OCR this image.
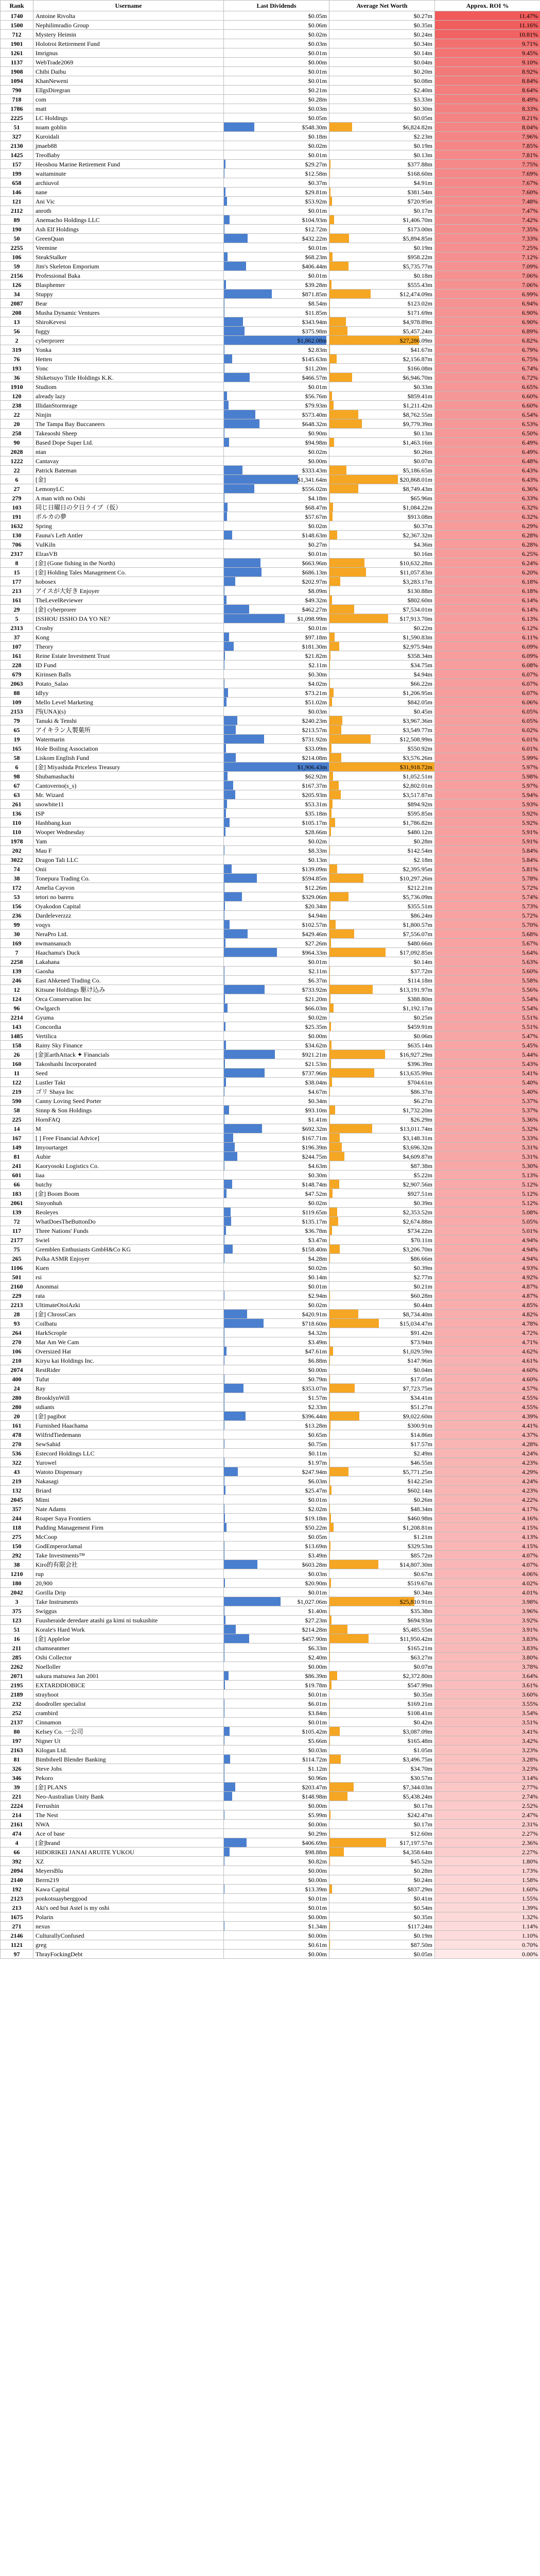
Rank	Username	Last Dividends	Average Net Worth	Approx. ROI %
1740	Antoine Rivolta	$0.05m	$0.27m	11.47%
1500	Nephilimradio Group	$0.06m	$0.35m	11.16%
712	Mystery Heimin	$0.02m	$0.24m	10.81%
1901	Holotroi Retirement Fund	$0.03m	$0.34m	9.71%
1261	Imrignus	$0.01m	$0.14m	9.45%
1137	WebTrade2069	$0.00m	$0.04m	9.10%
1908	Chibi Daibu	$0.01m	$0.20m	8.92%
1094	KhanNeweni	$0.01m	$0.08m	8.84%
790	EllgsDiregran	$0.21m	$2.40m	8.64%
718	com	$0.28m	$3.33m	8.49%
1786	matt	$0.03m	$0.30m	8.33%
2225	LC Holdings	$0.05m	$0.05m	8.21%
51	noam goblin	$548.30m	$6,824.82m	8.04%
327	Kuroidali	$0.18m	$2.23m	7.96%
2130	jmaeb88	$0.02m	$0.19m	7.85%
1425	TreoBaby	$0.01m	$0.13m	7.81%
157	Heoshou Marine Retirement Fund	$29.27m	$377.88m	7.75%
199	waitaminute	$12.58m	$168.60m	7.69%
658	archiuvol	$0.37m	$4.91m	7.67%
146	nane	$29.81m	$381.54m	7.60%
121	Ani Vic	$53.92m	$720.95m	7.48%
2112	anroth	$0.01m	$0.17m	7.47%
89	Anemacho Holdings LLC	$104.93m	$1,406.70m	7.42%
190	Ash Elf Holdings	$12.72m	$173.00m	7.35%
50	GreenQuan	$432.22m	$5,894.85m	7.33%
2255	Veemine	$0.01m	$0.19m	7.25%
106	SteakStalker	$68.23m	$958.22m	7.12%
59	Jim's Skeleton Emporium	$406.44m	$5,735.77m	7.09%
2156	Professional Baka	$0.01m	$0.18m	7.06%
126	Blasphemer	$39.28m	$555.43m	7.06%
34	Stuppy	$871.85m	$12,474.09m	6.99%
2087	Bear	$8.54m	$123.02m	6.94%
208	Musha Dynamic Ventures	$11.85m	$171.69m	6.90%
13	ShiroKevesi	$343.94m	$4,978.89m	6.90%
56	fuggy	$375.98m	$5,457.24m	6.89%
2	cyberprorer	$1,862.08m	$27,286.09m	6.82%
319	Yonka	$2.83m	$41.67m	6.79%
76	Hetten	$145.63m	$2,156.87m	6.75%
193	Yonc	$11.20m	$166.08m	6.74%
36	Shiketsuyo Title Holdings K.K.	$466.57m	$6,946.70m	6.72%
1910	Studiom	$0.01m	$0.33m	6.65%
120	already lazy	$56.76m	$859.41m	6.60%
238	IllidanStormrage	$79.93m	$1,211.42m	6.60%
22	Ninjin	$573.40m	$8,762.55m	6.54%
20	The Tampa Bay Buccaneers	$648.32m	$9,779.39m	6.53%
258	Takeaoshi Sheep	$0.90m	$0.13m	6.50%
90	Based Dope Super Ltd.	$94.98m	$1,463.16m	6.49%
2028	ntan	$0.02m	$0.26m	6.49%
1222	Cantavay	$0.00m	$0.07m	6.48%
22	Patrick Bateman	$333.43m	$5,186.65m	6.43%
6	[金]	$1,341.64m	$20,868.01m	6.43%
27	LemonyLC	$556.02m	$8,749.43m	6.36%
279	A man with no Oshi	$4.18m	$65.96m	6.33%
103	同じ日曜日の夕日ライブ（仮）	$68.47m	$1,084.22m	6.32%
191	ポルカの夢	$57.67m	$913.08m	6.32%
1632	Spring	$0.02m	$0.37m	6.29%
130	Fauna's Left Antler	$148.63m	$2,367.32m	6.28%
706	VulKiln	$0.27m	$4.36m	6.28%
2317	ElzasVB	$0.01m	$0.16m	6.25%
8	[金] (Gone fishing in the North)	$663.96m	$10,632.28m	6.24%
15	[金] Holding Tales Management Co.	$686.13m	$11,057.83m	6.20%
177	hobosex	$202.97m	$3,283.17m	6.18%
213	アイスが大好き Enjoyer	$8.09m	$130.88m	6.18%
161	TheLevelReviewer	$49.32m	$802.60m	6.14%
29	[金] cyberprorer	$462.27m	$7,534.01m	6.14%
5	ISSHOU ISSHO DA YO NE?	$1,098.99m	$17,913.70m	6.13%
2313	Crosby	$0.01m	$0.22m	6.12%
37	Kong	$97.18m	$1,590.83m	6.11%
107	Theory	$181.30m	$2,975.94m	6.09%
161	Reine Estate Investment Trust	$21.82m	$358.34m	6.09%
228	ID Fund	$2.11m	$34.75m	6.08%
679	Kirinsen Balls	$0.30m	$4.94m	6.07%
2063	Potato_Salao	$4.02m	$66.22m	6.07%
88	Idlyy	$73.21m	$1,206.95m	6.07%
109	Mello Level Marketing	$51.02m	$842.05m	6.06%
2153	四(UNA)(s)	$0.03m	$0.45m	6.05%
79	Tanuki & Tenshi	$240.23m	$3,967.36m	6.05%
65	アイキラン人製菓所	$213.57m	$3,549.77m	6.02%
19	Watermarin	$731.92m	$12,508.99m	6.01%
165	Hole Boiling Association	$33.09m	$550.92m	6.01%
58	Liskom English Fund	$214.08m	$3,576.26m	5.99%
6	[金] Miyashida Priceless Treasury	$1,906.43m	$31,918.72m	5.97%
98	Shubamashachi	$62.92m	$1,052.51m	5.98%
67	Cantoverno(s_s)	$167.37m	$2,802.01m	5.97%
63	Mr. Wizard	$205.93m	$3,517.87m	5.94%
261	snowbite11	$53.31m	$894.92m	5.93%
136	ISP	$35.18m	$595.85m	5.92%
110	Hashbang.kun	$105.17m	$1,786.82m	5.92%
110	Wooper Wednesday	$28.66m	$480.12m	5.91%
1978	Yam	$0.02m	$0.28m	5.91%
202	Mau F	$8.33m	$142.54m	5.84%
3022	Dragon Tali LLC	$0.13m	$2.18m	5.84%
74	Onii	$139.09m	$2,395.95m	5.81%
38	Tonepura Trading Co.	$594.85m	$10,297.26m	5.78%
172	Amelia Cayvon	$12.26m	$212.21m	5.72%
53	tetori no bareru	$329.06m	$5,736.09m	5.74%
156	Oyakodon Capital	$20.34m	$355.51m	5.73%
236	Dardeleverzzz	$4.94m	$86.24m	5.72%
99	voqys	$102.57m	$1,800.57m	5.70%
30	NeraPro Ltd.	$429.46m	$7,556.07m	5.68%
169	nwmansanuch	$27.26m	$480.66m	5.67%
7	Haachama's Duck	$964.33m	$17,092.85m	5.64%
2258	Lakahana	$0.01m	$0.14m	5.63%
139	Gaosha	$2.11m	$37.72m	5.60%
246	East Ahkened Trading Co.	$6.37m	$114.18m	5.58%
12	Kitsune Holdings 駆け込み	$733.92m	$13,191.97m	5.56%
124	Orca Conservation Inc	$21.20m	$388.80m	5.54%
96	Owlgarch	$66.03m	$1,192.17m	5.54%
2214	Gyuma	$0.02m	$0.25m	5.51%
143	Concordia	$25.35m	$459.91m	5.51%
1485	Vertilica	$0.00m	$0.06m	5.47%
158	Rainy Sky Finance	$34.62m	$635.14m	5.45%
26	[金]EarthAttack ✦ Financials	$921.21m	$16,927.29m	5.44%
160	Takoshashi Incorporated	$21.53m	$396.39m	5.43%
11	Seed	$737.96m	$13,635.99m	5.41%
122	Lustler Takt	$38.04m	$704.61m	5.40%
219	ゴリ Shaya Inc	$4.67m	$86.37m	5.40%
590	Canny Loving Seed Porter	$0.34m	$6.27m	5.37%
58	Sinnp & Son Holdings	$93.10m	$1,732.20m	5.37%
225	HornFAQ	$1.41m	$26.29m	5.36%
14	M	$692.32m	$13,011.74m	5.32%
167	[ ] Free Financial Advice]	$167.71m	$3,148.31m	5.33%
149	Imyourtarget	$196.39m	$3,696.32m	5.31%
81	Aubie	$244.75m	$4,609.87m	5.31%
241	Kaoryosoki Logistics Co.	$4.63m	$87.38m	5.30%
601	liaa	$0.30m	$5.22m	5.13%
66	butchy	$148.74m	$2,907.56m	5.12%
183	[金] Boom Boom	$47.52m	$927.51m	5.12%
2061	Sinyonhuh	$0.02m	$0.39m	5.12%
139	Reoleyes	$119.65m	$2,353.52m	5.08%
72	WhatDoesTheButtonDo	$135.17m	$2,674.88m	5.05%
117	Three Nations' Funds	$36.78m	$734.22m	5.01%
2177	Swiel	$3.47m	$70.11m	4.94%
75	Gremblen Enthusiasts GmbH&Co KG	$158.40m	$3,206.70m	4.94%
265	Polka ASMR Enjoyer	$4.28m	$86.66m	4.94%
1106	Kuen	$0.02m	$0.39m	4.93%
501	rsi	$0.14m	$2.77m	4.92%
2160	Anonmai	$0.01m	$0.21m	4.87%
229	rata	$2.94m	$60.28m	4.87%
2213	UltimateOtoiAzki	$0.02m	$0.44m	4.85%
28	[金] ChrossCars	$420.91m	$8,734.40m	4.82%
93	Coilbatu	$718.60m	$15,034.47m	4.78%
264	HarkScrople	$4.32m	$91.42m	4.72%
270	Mar Am We Cam	$3.49m	$73.94m	4.71%
106	Oversized Hat	$47.61m	$1,029.59m	4.62%
210	Kiryu kai Holdings Inc.	$6.88m	$147.96m	4.61%
2074	RestRider	$0.00m	$0.04m	4.60%
400	Tufut	$0.79m	$17.05m	4.60%
24	Ray	$353.07m	$7,723.75m	4.57%
280	BrooklynWill	$1.57m	$34.41m	4.55%
280	stdiants	$2.33m	$51.27m	4.55%
20	[金] pagibot	$396.44m	$9,022.60m	4.39%
161	Furnished Haachama	$13.28m	$300.91m	4.41%
478	WilfridTiedemann	$0.65m	$14.86m	4.37%
270	SewSahid	$0.75m	$17.57m	4.28%
536	Estecord Holdings LLC	$0.11m	$2.49m	4.24%
322	Yurowel	$1.97m	$46.55m	4.23%
43	Watoto Dispensary	$247.94m	$5,771.25m	4.29%
219	Nakasagi	$6.03m	$142.25m	4.24%
132	Briard	$25.47m	$602.14m	4.23%
2045	Mimi	$0.01m	$0.26m	4.22%
357	Nate Adams	$2.02m	$48.34m	4.17%
244	Roaper Saya Frontiers	$19.18m	$460.98m	4.16%
118	Pudding Management Firm	$50.22m	$1,208.81m	4.15%
275	McCoop	$0.05m	$1.21m	4.13%
150	GodEmperorJamal	$13.69m	$329.53m	4.15%
292	Take Investments™	$3.49m	$85.72m	4.07%
38	Kiro的有限会社	$603.28m	$14,807.30m	4.07%
1210	rup	$0.03m	$0.67m	4.06%
180	20,900	$20.90m	$519.67m	4.02%
2042	Gorilla Drip	$0.01m	$0.34m	4.01%
3	Take Instruments	$1,027.06m	$25,810.91m	3.98%
375	Swiggus	$1.40m	$35.38m	3.96%
123	Fuusheraide deredare atashi ga kimi ni tsukushite	$27.23m	$694.93m	3.92%
51	Korale's Hard Work	$214.28m	$5,485.55m	3.91%
16	[金] Appleloe	$457.90m	$11,950.42m	3.83%
211	chamseanmer	$6.33m	$165.21m	3.83%
285	Oshi Collector	$2.40m	$63.27m	3.80%
2262	Noelloller	$0.00m	$0.07m	3.78%
2071	sakura matsuwa Jan 2001	$86.39m	$2,372.80m	3.64%
2195	EXTARDDIOBICE	$19.78m	$547.99m	3.61%
2189	strayhoot	$0.01m	$0.35m	3.60%
232	doodroller specialist	$6.01m	$169.21m	3.55%
252	crambird	$3.84m	$108.41m	3.54%
2137	Cinnamon	$0.01m	$0.42m	3.51%
80	Kelsey Co. 一公司	$105.42m	$3,087.09m	3.41%
197	Nigner Ut	$5.66m	$165.48m	3.42%
2163	Kilogan Ltd.	$0.03m	$1.05m	3.23%
81	Bimbibrell Blender Banking	$114.72m	$3,496.75m	3.28%
326	Steve Jobs	$1.12m	$34.70m	3.23%
346	Pekoro	$0.96m	$30.57m	3.14%
39	[金] PLANS	$203.47m	$7,344.03m	2.77%
221	Neo-Australian Unity Bank	$148.98m	$5,438.24m	2.74%
2224	Ferrushin	$0.00m	$0.17m	2.52%
214	The Nest	$5.99m	$242.47m	2.47%
2161	NWA	$0.00m	$0.17m	2.31%
474	Ace of base	$0.29m	$12.60m	2.27%
4	[金]brand	$406.69m	$17,197.57m	2.36%
66	HIDORIKEI JANAI ARUITE YUKOU	$98.88m	$4,358.64m	2.27%
392	XZ	$0.82m	$45.52m	1.80%
2094	MeyersBlu	$0.00m	$0.28m	1.73%
2140	Berrn219	$0.00m	$0.24m	1.58%
192	Kawa Capital	$13.39m	$837.29m	1.60%
2123	ponkotsuayberggood	$0.01m	$0.41m	1.55%
213	Aki's oed but Astel is my oshi	$0.01m	$0.54m	1.39%
1675	Polarin	$0.00m	$0.35m	1.32%
271	nexus	$1.34m	$117.24m	1.14%
2146	CulturallyConfused	$0.00m	$0.19m	1.10%
1121	greg	$0.61m	$87.50m	0.70%
97	ThrayFockingDebt	$0.00m	$0.05m	0.00%
